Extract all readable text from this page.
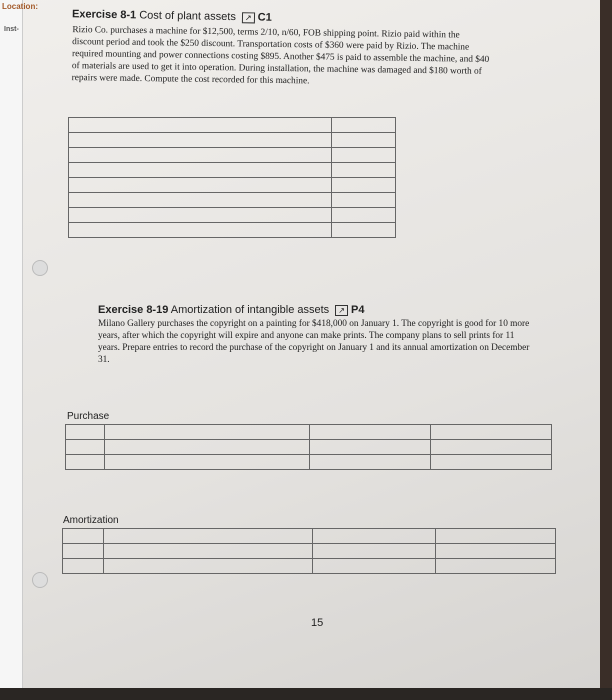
Location:
Inst-
Exercise 8-1 Cost of plant assets ↗ C1
Rizio Co. purchases a machine for $12,500, terms 2/10, n/60, FOB shipping point. Rizio paid within the discount period and took the $250 discount. Transportation costs of $360 were paid by Rizio. The machine required mounting and power connections costing $895. Another $475 is paid to assemble the machine, and $40 of materials are used to get it into operation. During installation, the machine was damaged and $180 worth of repairs were made. Compute the cost recorded for this machine.

Exercise 8-19 Amortization of intangible assets ↗ P4
Milano Gallery purchases the copyright on a painting for $418,000 on January 1. The copyright is good for 10 more years, after which the copyright will expire and anyone can make prints. The company plans to sell prints for 11 years. Prepare entries to record the purchase of the copyright on January 1 and its annual amortization on December 31.
Purchase

Amortization

15
